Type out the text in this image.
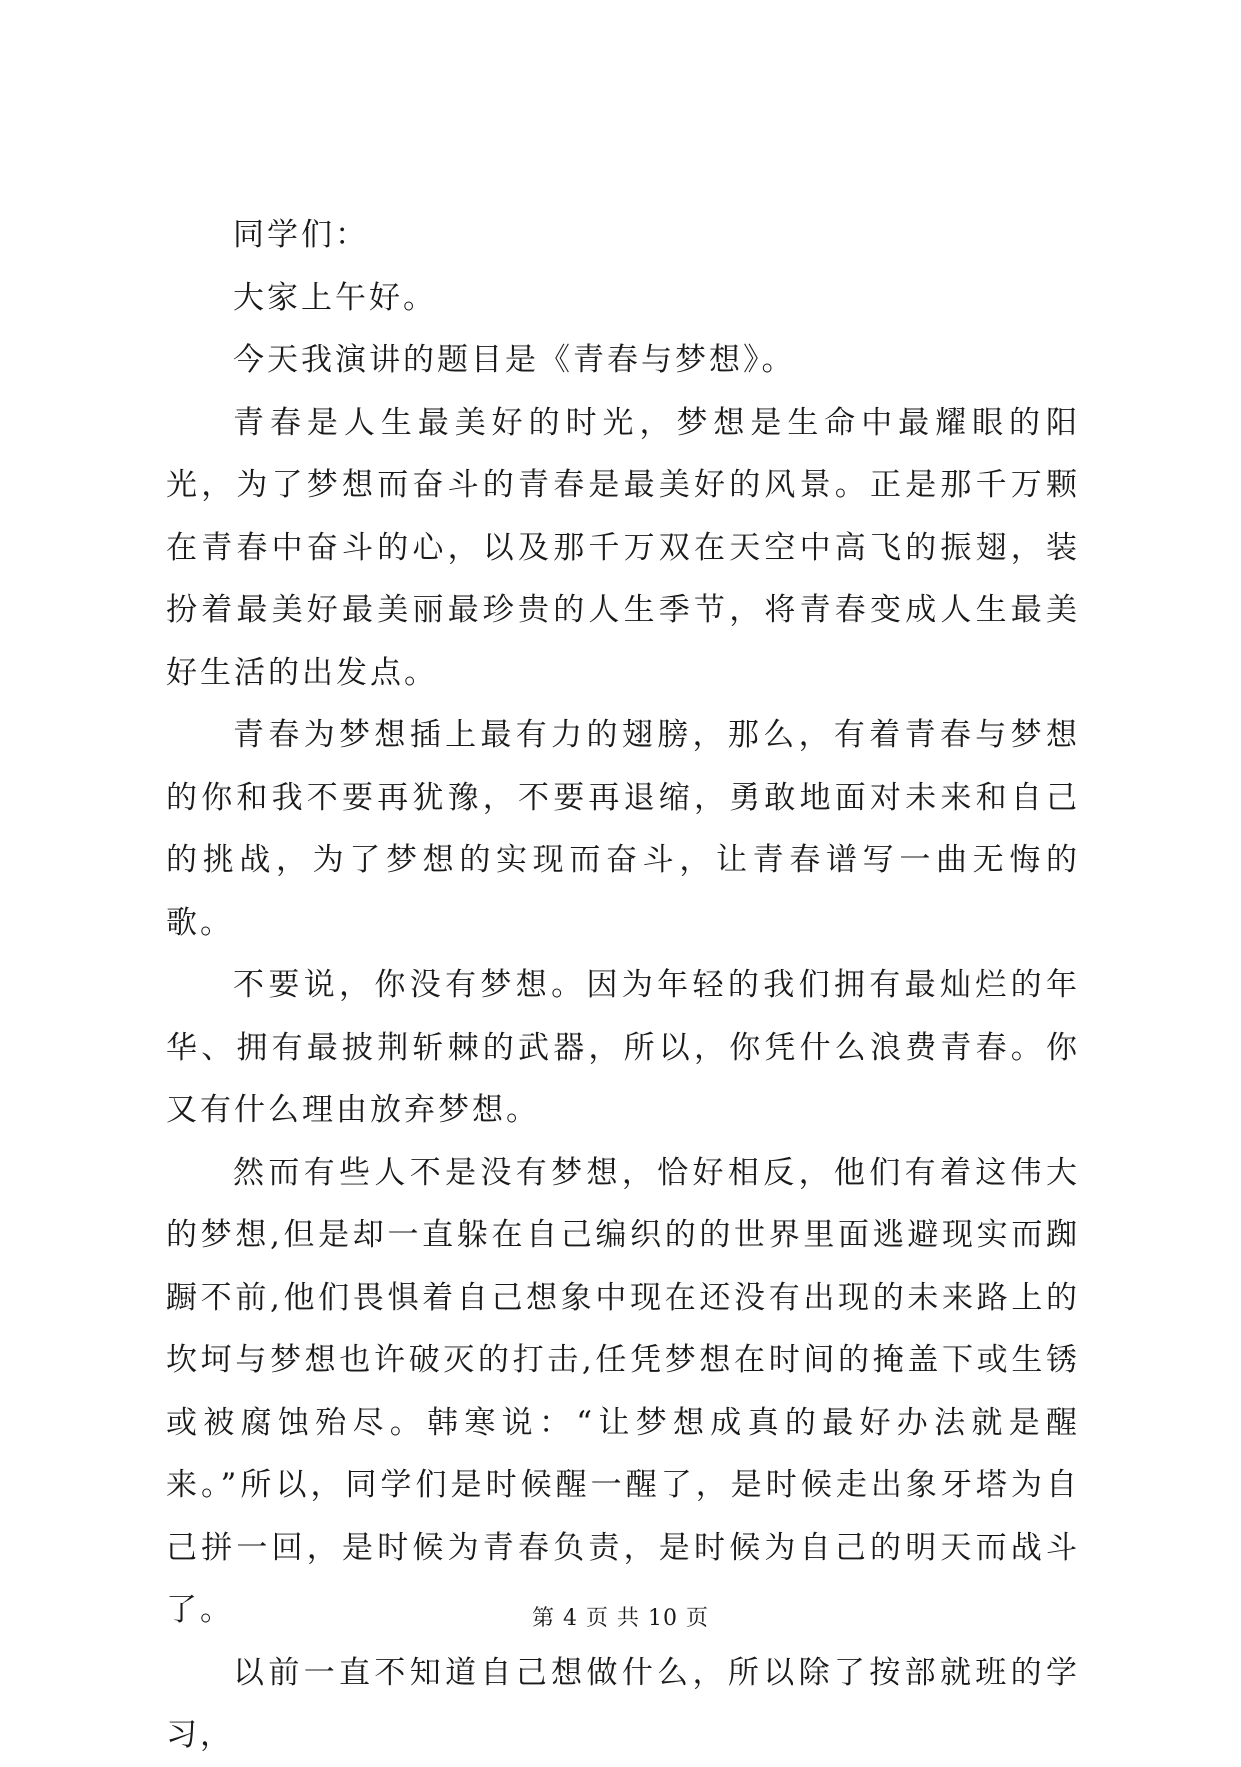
同学们：

大家上午好。

今天我演讲的题目是《青春与梦想》。

青春是人生最美好的时光，梦想是生命中最耀眼的阳光，为了梦想而奋斗的青春是最美好的风景。正是那千万颗在青春中奋斗的心，以及那千万双在天空中高飞的振翅，装扮着最美好最美丽最珍贵的人生季节，将青春变成人生最美好生活的出发点。

青春为梦想插上最有力的翅膀，那么，有着青春与梦想的你和我不要再犹豫，不要再退缩，勇敢地面对未来和自己的挑战，为了梦想的实现而奋斗，让青春谱写一曲无悔的歌。

不要说，你没有梦想。因为年轻的我们拥有最灿烂的年华、拥有最披荆斩棘的武器，所以，你凭什么浪费青春。你又有什么理由放弃梦想。

然而有些人不是没有梦想，恰好相反，他们有着这伟大的梦想,但是却一直躲在自己编织的的世界里面逃避现实而踟蹰不前,他们畏惧着自己想象中现在还没有出现的未来路上的坎坷与梦想也许破灭的打击,任凭梦想在时间的掩盖下或生锈或被腐蚀殆尽。韩寒说：“让梦想成真的最好办法就是醒来。”所以，同学们是时候醒一醒了，是时候走出象牙塔为自己拼一回，是时候为青春负责，是时候为自己的明天而战斗了。

以前一直不知道自己想做什么，所以除了按部就班的学习，

第 4 页 共 10 页
